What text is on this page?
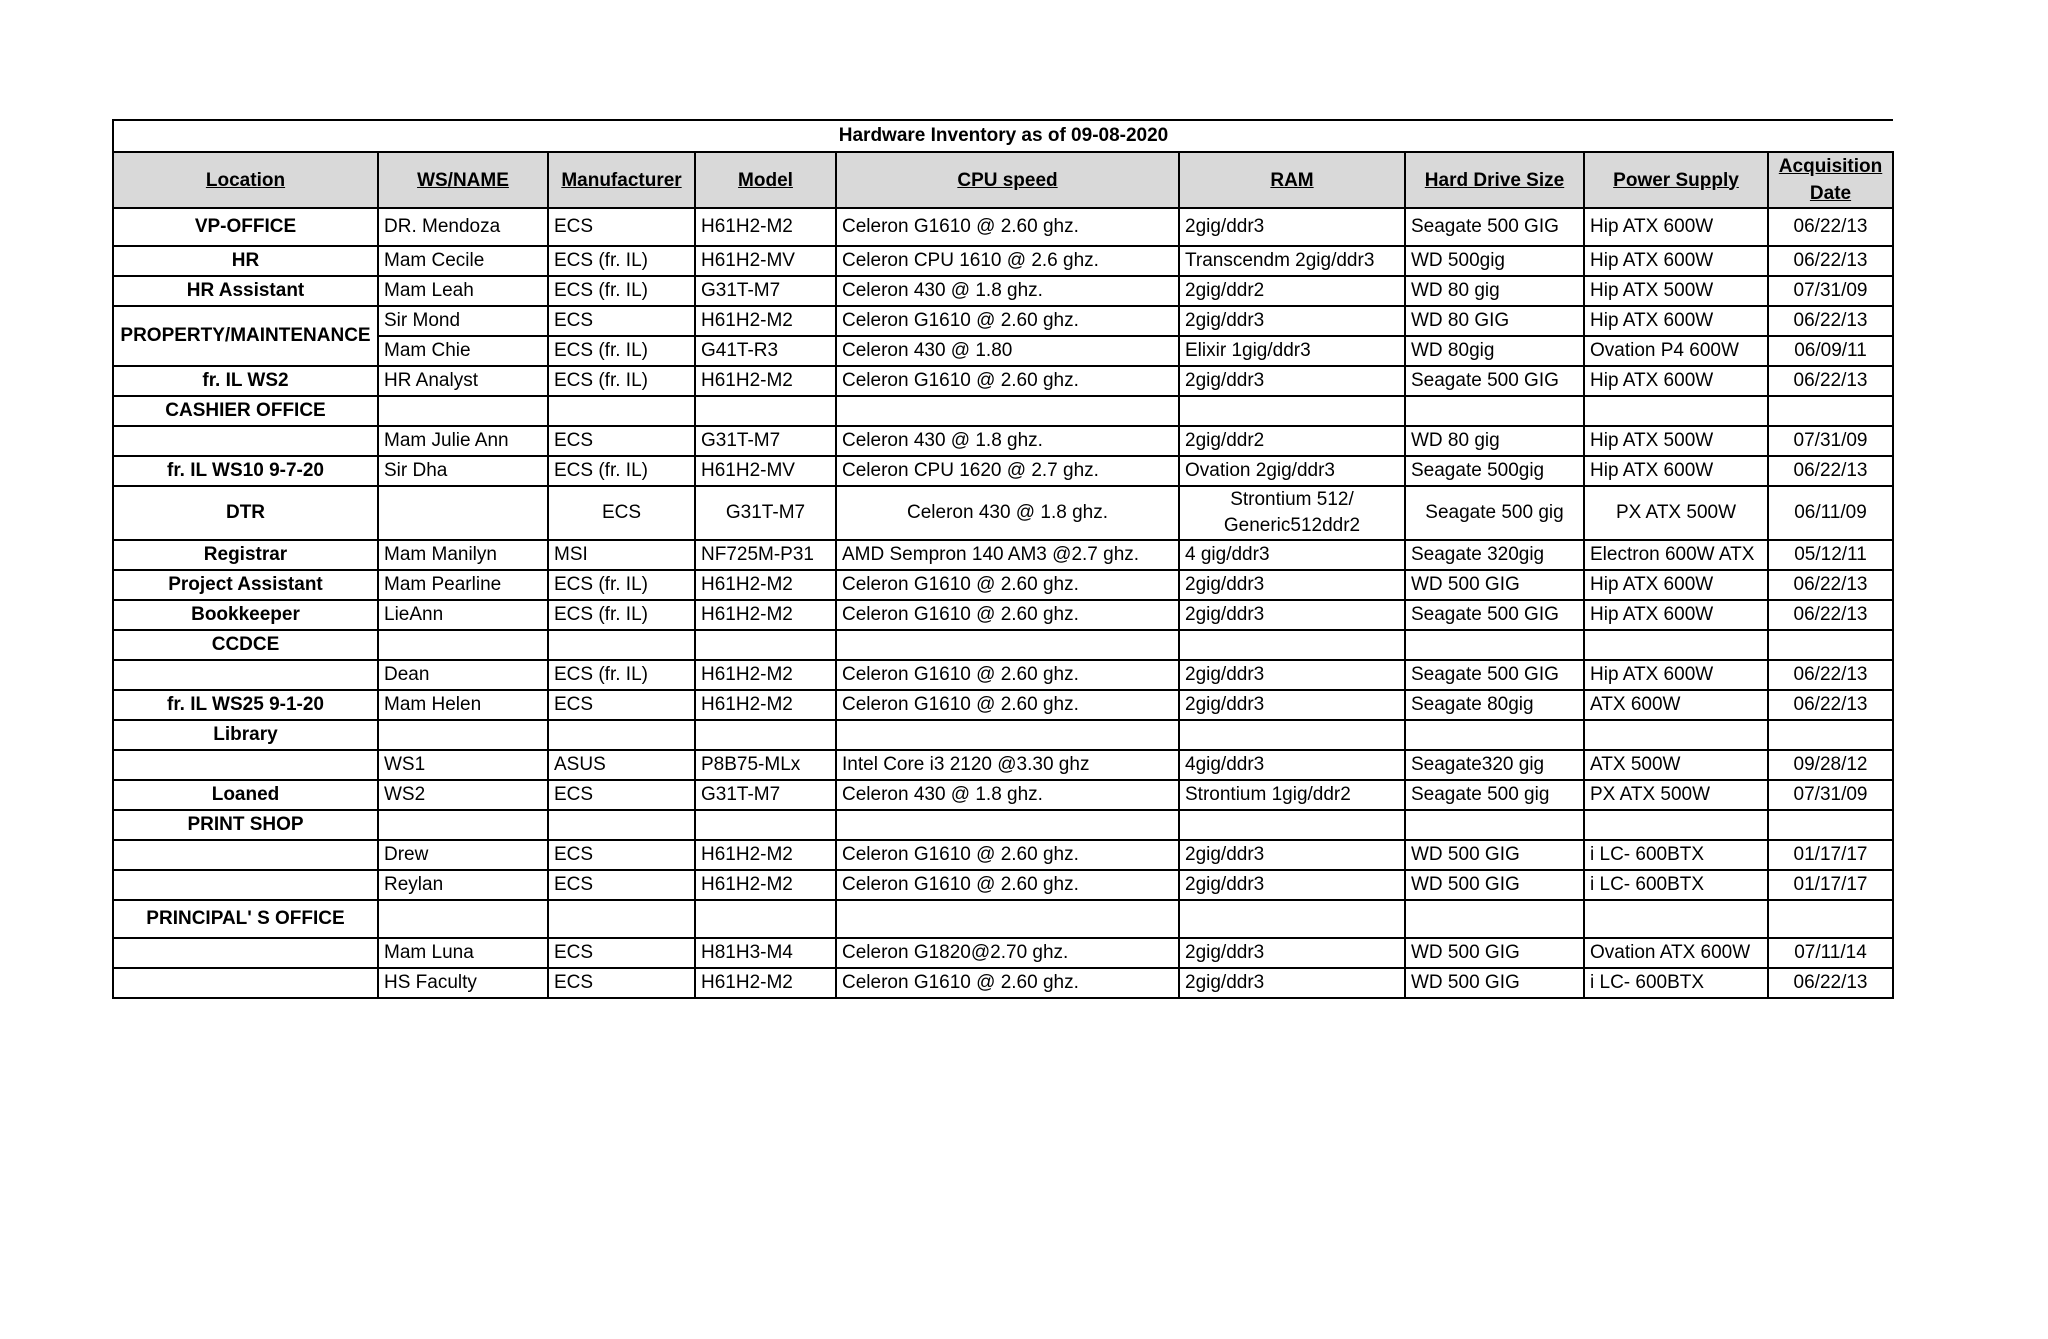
Hardware Inventory as of 09-08-2020								
Location	WS/NAME	Manufacturer	Model	CPU speed	RAM	Hard Drive Size	Power Supply	Acquisition Date
VP-OFFICE	DR. Mendoza	ECS	H61H2-M2	Celeron G1610 @ 2.60 ghz.	2gig/ddr3	Seagate 500 GIG	Hip ATX 600W	06/22/13
HR	Mam Cecile	ECS (fr. IL)	H61H2-MV	Celeron CPU 1610 @ 2.6 ghz.	Transcendm 2gig/ddr3	WD 500gig	Hip ATX 600W	06/22/13
HR Assistant	Mam Leah	ECS (fr. IL)	G31T-M7	Celeron 430 @ 1.8 ghz.	2gig/ddr2	WD 80 gig	Hip ATX 500W	07/31/09
PROPERTY/MAINTENANCE	Sir Mond	ECS	H61H2-M2	Celeron G1610 @ 2.60 ghz.	2gig/ddr3	WD 80 GIG	Hip ATX 600W	06/22/13
	Mam Chie	ECS (fr. IL)	G41T-R3	Celeron 430 @ 1.80	Elixir 1gig/ddr3	WD 80gig	Ovation P4 600W	06/09/11
fr. IL WS2	HR Analyst	ECS (fr. IL)	H61H2-M2	Celeron G1610 @ 2.60 ghz.	2gig/ddr3	Seagate 500 GIG	Hip ATX 600W	06/22/13
CASHIER OFFICE								
	Mam Julie Ann	ECS	G31T-M7	Celeron 430 @ 1.8 ghz.	2gig/ddr2	WD 80 gig	Hip ATX 500W	07/31/09
fr. IL WS10 9-7-20	Sir Dha	ECS (fr. IL)	H61H2-MV	Celeron CPU 1620 @ 2.7 ghz.	Ovation 2gig/ddr3	Seagate 500gig	Hip ATX 600W	06/22/13
DTR		ECS	G31T-M7	Celeron 430 @ 1.8 ghz.	Strontium 512/ Generic512ddr2	Seagate 500 gig	PX ATX 500W	06/11/09
Registrar	Mam Manilyn	MSI	NF725M-P31	AMD Sempron 140 AM3 @2.7 ghz.	4 gig/ddr3	Seagate 320gig	Electron 600W ATX	05/12/11
Project Assistant	Mam Pearline	ECS (fr. IL)	H61H2-M2	Celeron G1610 @ 2.60 ghz.	2gig/ddr3	WD 500 GIG	Hip ATX 600W	06/22/13
Bookkeeper	LieAnn	ECS (fr. IL)	H61H2-M2	Celeron G1610 @ 2.60 ghz.	2gig/ddr3	Seagate 500 GIG	Hip ATX 600W	06/22/13
CCDCE								
	Dean	ECS (fr. IL)	H61H2-M2	Celeron G1610 @ 2.60 ghz.	2gig/ddr3	Seagate 500 GIG	Hip ATX 600W	06/22/13
fr. IL WS25 9-1-20	Mam Helen	ECS	H61H2-M2	Celeron G1610 @ 2.60 ghz.	2gig/ddr3	Seagate 80gig	ATX 600W	06/22/13
Library								
	WS1	ASUS	P8B75-MLx	Intel Core i3 2120 @3.30 ghz	4gig/ddr3	Seagate320 gig	ATX 500W	09/28/12
Loaned	WS2	ECS	G31T-M7	Celeron 430 @ 1.8 ghz.	Strontium 1gig/ddr2	Seagate 500 gig	PX ATX 500W	07/31/09
PRINT SHOP								
	Drew	ECS	H61H2-M2	Celeron G1610 @ 2.60 ghz.	2gig/ddr3	WD 500 GIG	i LC- 600BTX	01/17/17
	Reylan	ECS	H61H2-M2	Celeron G1610 @ 2.60 ghz.	2gig/ddr3	WD 500 GIG	i LC- 600BTX	01/17/17
PRINCIPAL' S OFFICE								
	Mam Luna	ECS	H81H3-M4	Celeron G1820@2.70 ghz.	2gig/ddr3	WD 500 GIG	Ovation ATX 600W	07/11/14
	HS Faculty	ECS	H61H2-M2	Celeron G1610 @ 2.60 ghz.	2gig/ddr3	WD 500 GIG	i LC- 600BTX	06/22/13
